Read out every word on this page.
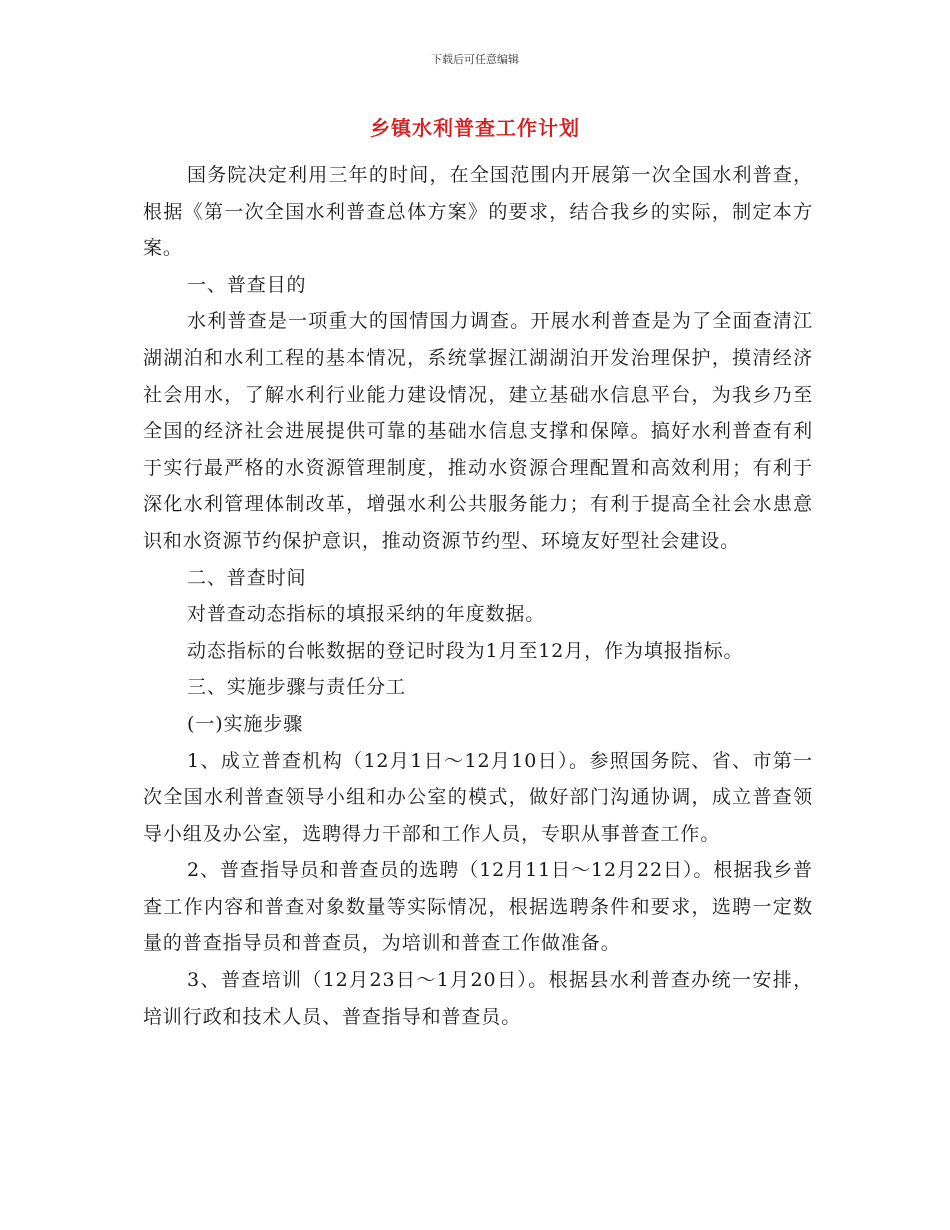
下载后可任意编辑
乡镇水利普查工作计划

国务院决定利用三年的时间，在全国范围内开展第一次全国水利普查，根据《第一次全国水利普查总体方案》的要求，结合我乡的实际，制定本方案。

一、普查目的

水利普查是一项重大的国情国力调查。开展水利普查是为了全面查清江湖湖泊和水利工程的基本情况，系统掌握江湖湖泊开发治理保护，摸清经济社会用水，了解水利行业能力建设情况，建立基础水信息平台，为我乡乃至全国的经济社会进展提供可靠的基础水信息支撑和保障。搞好水利普查有利于实行最严格的水资源管理制度，推动水资源合理配置和高效利用；有利于深化水利管理体制改革，增强水利公共服务能力；有利于提高全社会水患意识和水资源节约保护意识，推动资源节约型、环境友好型社会建设。

二、普查时间

对普查动态指标的填报采纳的年度数据。

动态指标的台帐数据的登记时段为1月至12月，作为填报指标。

三、实施步骤与责任分工

(一)实施步骤

1、成立普查机构（12月1日～12月10日）。参照国务院、省、市第一次全国水利普查领导小组和办公室的模式，做好部门沟通协调，成立普查领导小组及办公室，选聘得力干部和工作人员，专职从事普查工作。

2、普查指导员和普查员的选聘（12月11日～12月22日）。根据我乡普查工作内容和普查对象数量等实际情况，根据选聘条件和要求，选聘一定数量的普查指导员和普查员，为培训和普查工作做准备。

3、普查培训（12月23日～1月20日）。根据县水利普查办统一安排，培训行政和技术人员、普查指导和普查员。
